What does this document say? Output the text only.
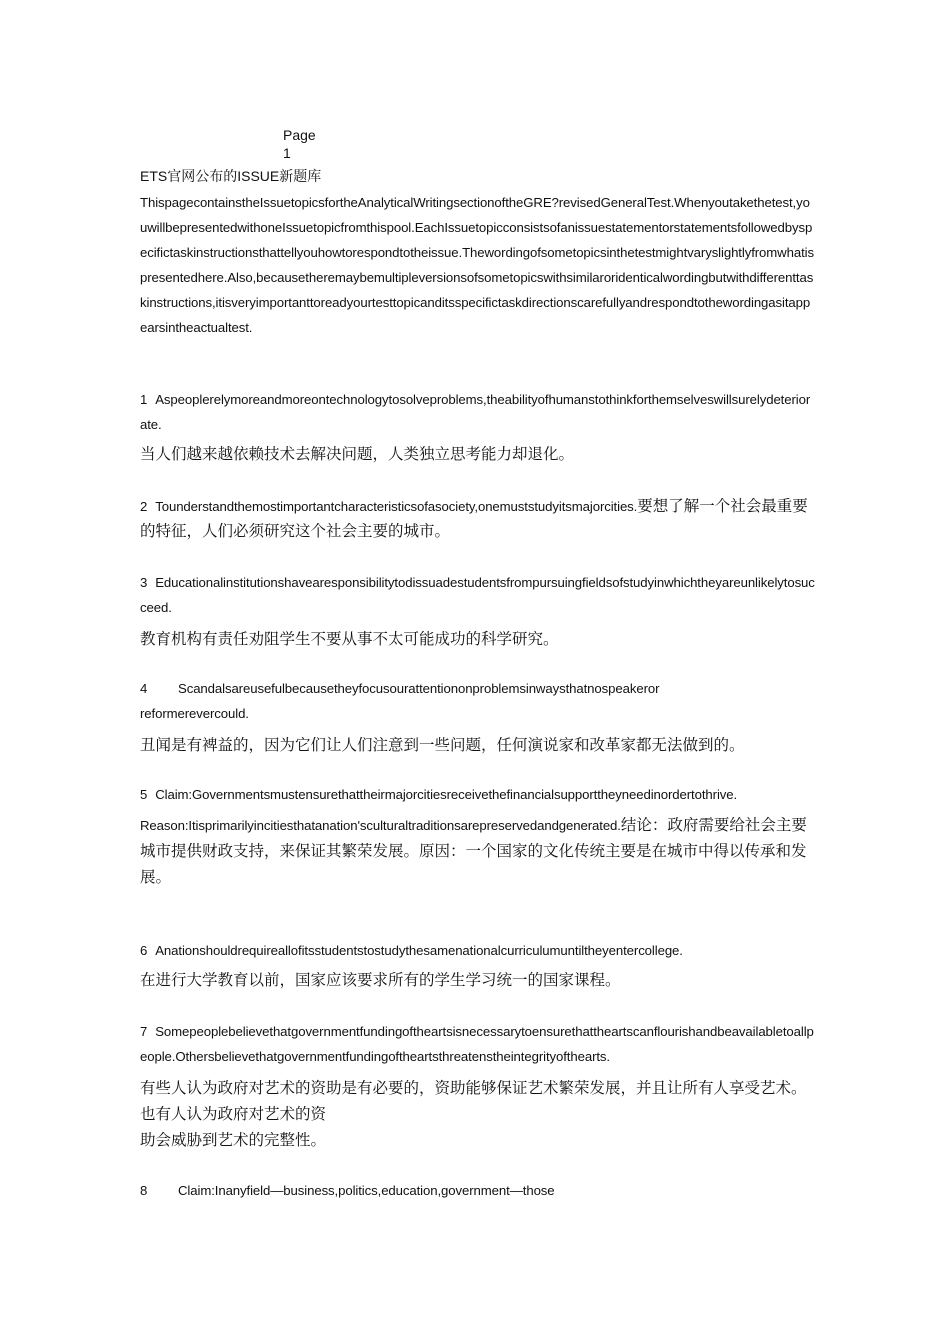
Page
1
ETS官网公布的ISSUE新题库
ThispagecontainstheIssuetopicsfortheAnalyticalWritingsectionoftheGRE?revisedGeneralTest.Whenyoutakethetest,youwillbepresentedwithoneIssuetopicfromthispool.EachIssuetopicconsistsofanissuestatementorstatementsfollowedbyspecifictaskinstructionsthattellyouhowtorespondtotheissue.Thewordingofsometopicsinthetestmightvaryslightlyfromwhatispresentedhere.Also,becausetheremaybemultipleversionsofsometopicswithsimilaroridenticalwordingbutwithdifferenttaskinstructions,itisveryimportanttoreadyourtesttopicanditsspecifictaskdirectionscarefullyandrespondtothewordingasitappearsintheactualtest.
1 Aspeoplerelymoreandmoreontechnologytosolveproblems,theabilityofhumanstothinkforthemselveswillsurelydeteriorate.
当人们越来越依赖技术去解决问题，人类独立思考能力却退化。
2 Tounderstandthemostimportantcharacteristicsofasociety,onemuststudyitsmajorcities.要想了解一个社会最重要的特征，人们必须研究这个社会主要的城市。
3 Educationalinstitutionshavearesponsibilitytodissuadestudentsfrompursuingfieldsofstudyinwhichtheyareunlikelytosucceed.
教育机构有责任劝阻学生不要从事不太可能成功的科学研究。
4 Scandalsareusefulbecausetheyfocusourattentiononproblemsinwaysthatnospeakeror
reformerevercould.
丑闻是有裨益的，因为它们让人们注意到一些问题，任何演说家和改革家都无法做到的。
5 Claim:Governmentsmustensurethattheirmajorcitiesreceivethefinancialsupporttheyneedinordertothrive.
Reason:Itisprimarilyincitiesthatanation'sculturaltraditionsarepreservedandgenerated.结论：政府需要给社会主要城市提供财政支持，来保证其繁荣发展。原因：一个国家的文化传统主要是在城市中得以传承和发展。
6 Anationshouldrequireallofitsstudentstostudythesamenationalcurriculumuntiltheyentercollege.
在进行大学教育以前，国家应该要求所有的学生学习统一的国家课程。
7 Somepeoplebelievethatgovernmentfundingoftheartsisnecessarytoensurethattheartscanflourishandbeavailabletoallpeople.Othersbelievethatgovernmentfundingoftheartsthreatenstheintegrityofthearts.
有些人认为政府对艺术的资助是有必要的，资助能够保证艺术繁荣发展，并且让所有人享受艺术。也有人认为政府对艺术的资
助会威胁到艺术的完整性。
8 Claim:Inanyfield—business,politics,education,government—those
